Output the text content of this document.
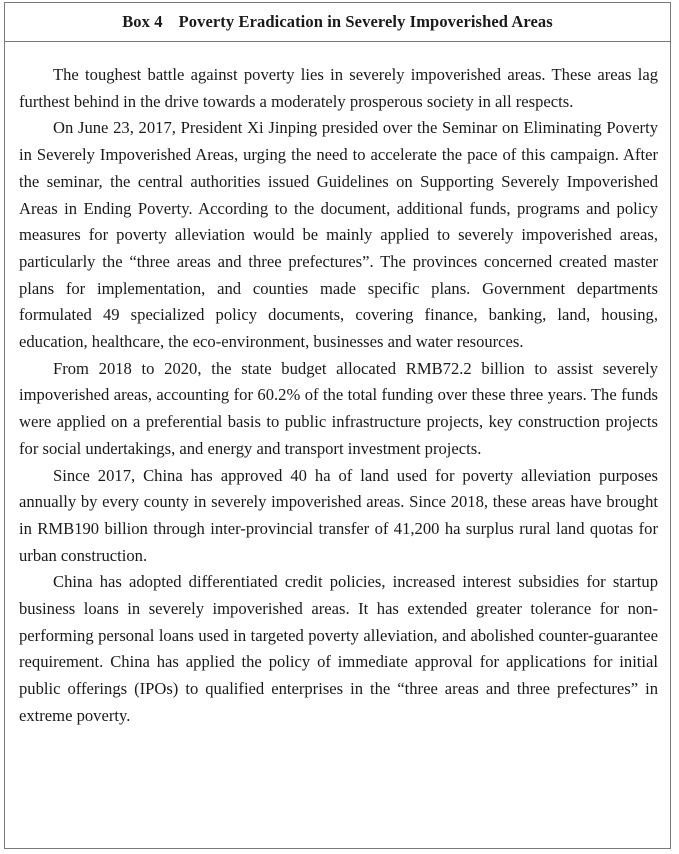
Box 4 Poverty Eradication in Severely Impoverished Areas

The toughest battle against poverty lies in severely impoverished areas. These areas lag furthest behind in the drive towards a moderately prosperous society in all respects.

On June 23, 2017, President Xi Jinping presided over the Seminar on Eliminating Poverty in Severely Impoverished Areas, urging the need to accelerate the pace of this campaign. After the seminar, the central authorities issued Guidelines on Supporting Severely Impoverished Areas in Ending Poverty. According to the document, additional funds, programs and policy measures for poverty alleviation would be mainly applied to severely impoverished areas, particularly the “three areas and three prefectures”. The provinces concerned created master plans for implementation, and counties made specific plans. Government departments formulated 49 specialized policy documents, covering finance, banking, land, housing, education, healthcare, the eco-environment, businesses and water resources.

From 2018 to 2020, the state budget allocated RMB72.2 billion to assist severely impoverished areas, accounting for 60.2% of the total funding over these three years. The funds were applied on a preferential basis to public infrastructure projects, key construction projects for social undertakings, and energy and transport investment projects.

Since 2017, China has approved 40 ha of land used for poverty alleviation purposes annually by every county in severely impoverished areas. Since 2018, these areas have brought in RMB190 billion through inter-provincial transfer of 41,200 ha surplus rural land quotas for urban construction.

China has adopted differentiated credit policies, increased interest subsidies for startup business loans in severely impoverished areas. It has extended greater tolerance for non-performing personal loans used in targeted poverty alleviation, and abolished counter-guarantee requirement. China has applied the policy of immediate approval for applications for initial public offerings (IPOs) to qualified enterprises in the “three areas and three prefectures” in extreme poverty.
